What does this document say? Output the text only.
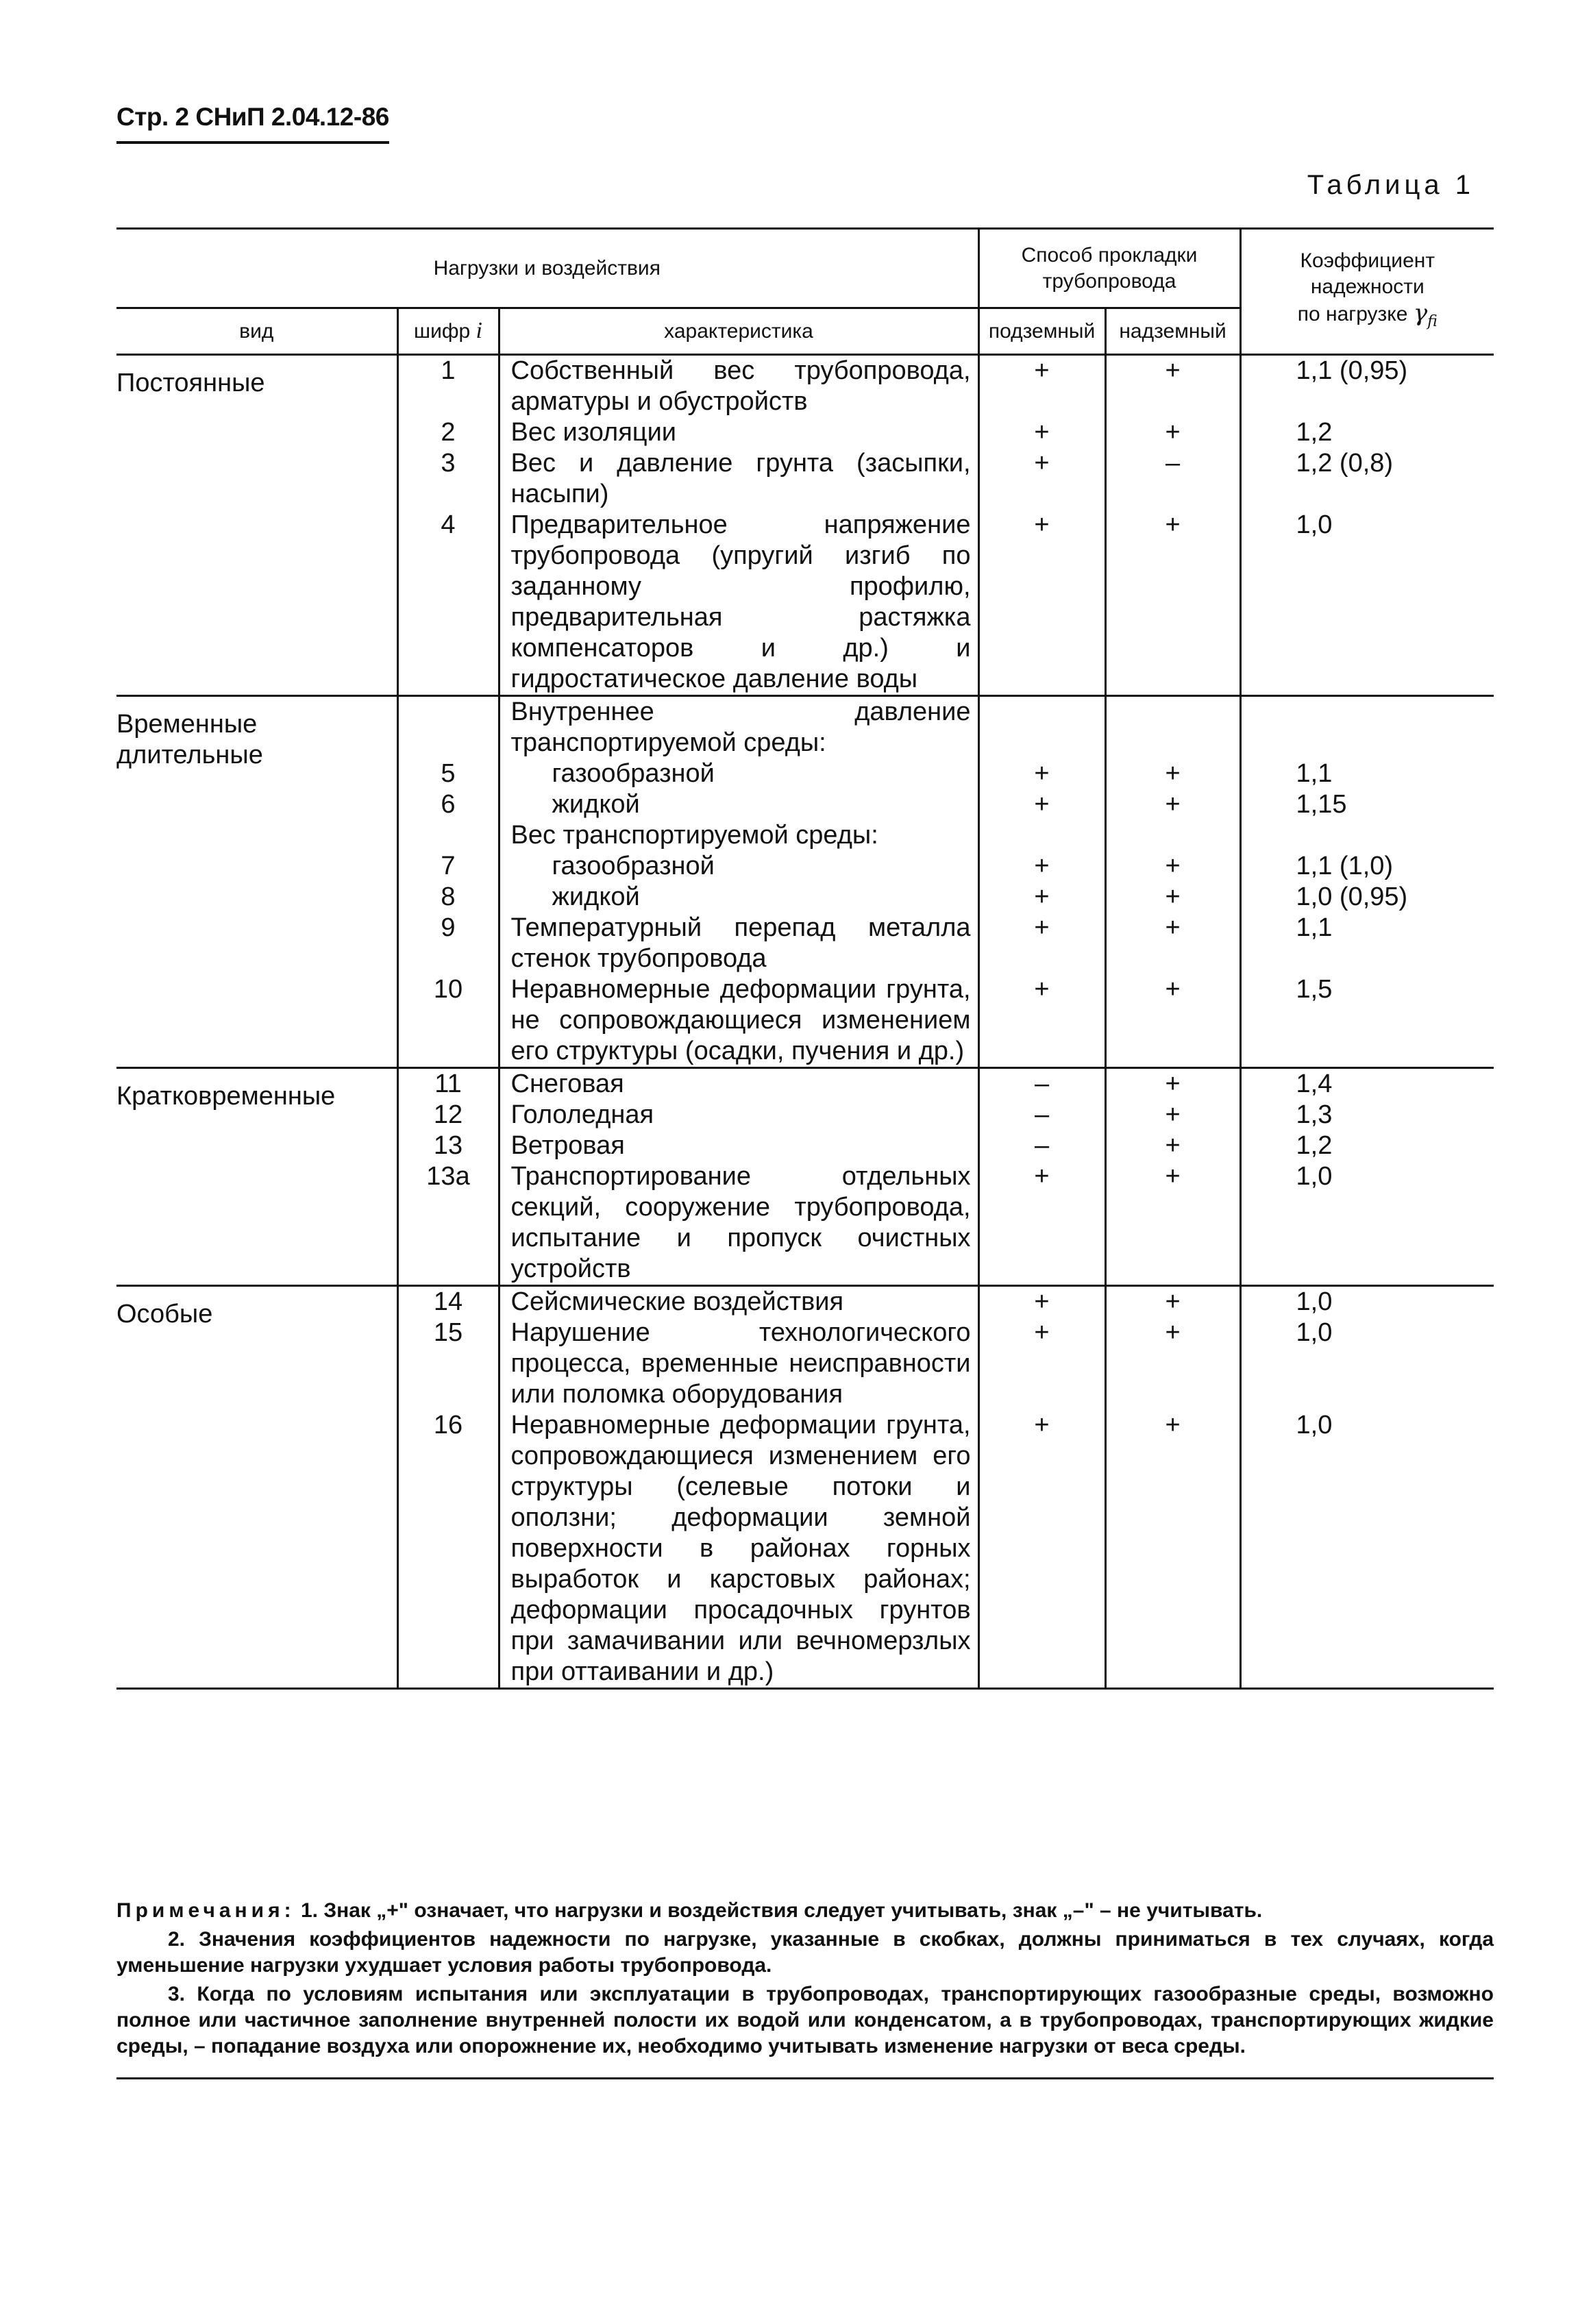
Стр. 2 СНиП 2.04.12-86
Таблица 1
Нагрузки и воздействия			Способ прокладки
трубопровода		Коэффициент
надежности
по нагрузке $\gamma_{fi}$
вид	шифр i	характеристика	подземный	надземный	

Постоянные	1	Собственный вес трубопровода, арматуры и обустройств	+	+	1,1 (0,95)
	2	Вес изоляции	+	+	1,2
	3	Вес и давление грунта (засыпки, насыпи)	+	–	1,2 (0,8)
	4	Предварительное напряжение трубопровода (упругий изгиб по заданному профилю, предварительная растяжка компенсаторов и др.) и гидростатическое давление воды	+	+	1,0

Временные длительные		Внутреннее давление транспортируемой среды:			
	5	газообразной	+	+	1,1
	6	жидкой	+	+	1,15
		Вес транспортируемой среды:			
	7	газообразной	+	+	1,1 (1,0)
	8	жидкой	+	+	1,0 (0,95)
	9	Температурный перепад металла стенок трубопровода	+	+	1,1
	10	Неравномерные деформации грунта, не сопровождающиеся изменением его структуры (осадки, пучения и др.)	+	+	1,5

Кратковременные	11	Снеговая	–	+	1,4
	12	Гололедная	–	+	1,3
	13	Ветровая	–	+	1,2
	13а	Транспортирование отдельных секций, сооружение трубопровода, испытание и пропуск очистных устройств	+	+	1,0

Особые	14	Сейсмические воздействия	+	+	1,0
	15	Нарушение технологического процесса, временные неисправности или поломка оборудования	+	+	1,0
	16	Неравномерные деформации грунта, сопровождающиеся изменением его структуры (селевые потоки и оползни; деформации земной поверхности в районах горных выработок и карстовых районах; деформации просадочных грунтов при замачивании или вечномерзлых при оттаивании и др.)	+	+	1,0

Примечания: 1. Знак „+" означает, что нагрузки и воздействия следует учитывать, знак „–" – не учитывать.

2. Значения коэффициентов надежности по нагрузке, указанные в скобках, должны приниматься в тех случаях, когда уменьшение нагрузки ухудшает условия работы трубопровода.

3. Когда по условиям испытания или эксплуатации в трубопроводах, транспортирующих газообразные среды, возможно полное или частичное заполнение внутренней полости их водой или конденсатом, а в трубопроводах, транспортирующих жидкие среды, – попадание воздуха или опорожнение их, необходимо учитывать изменение нагрузки от веса среды.
